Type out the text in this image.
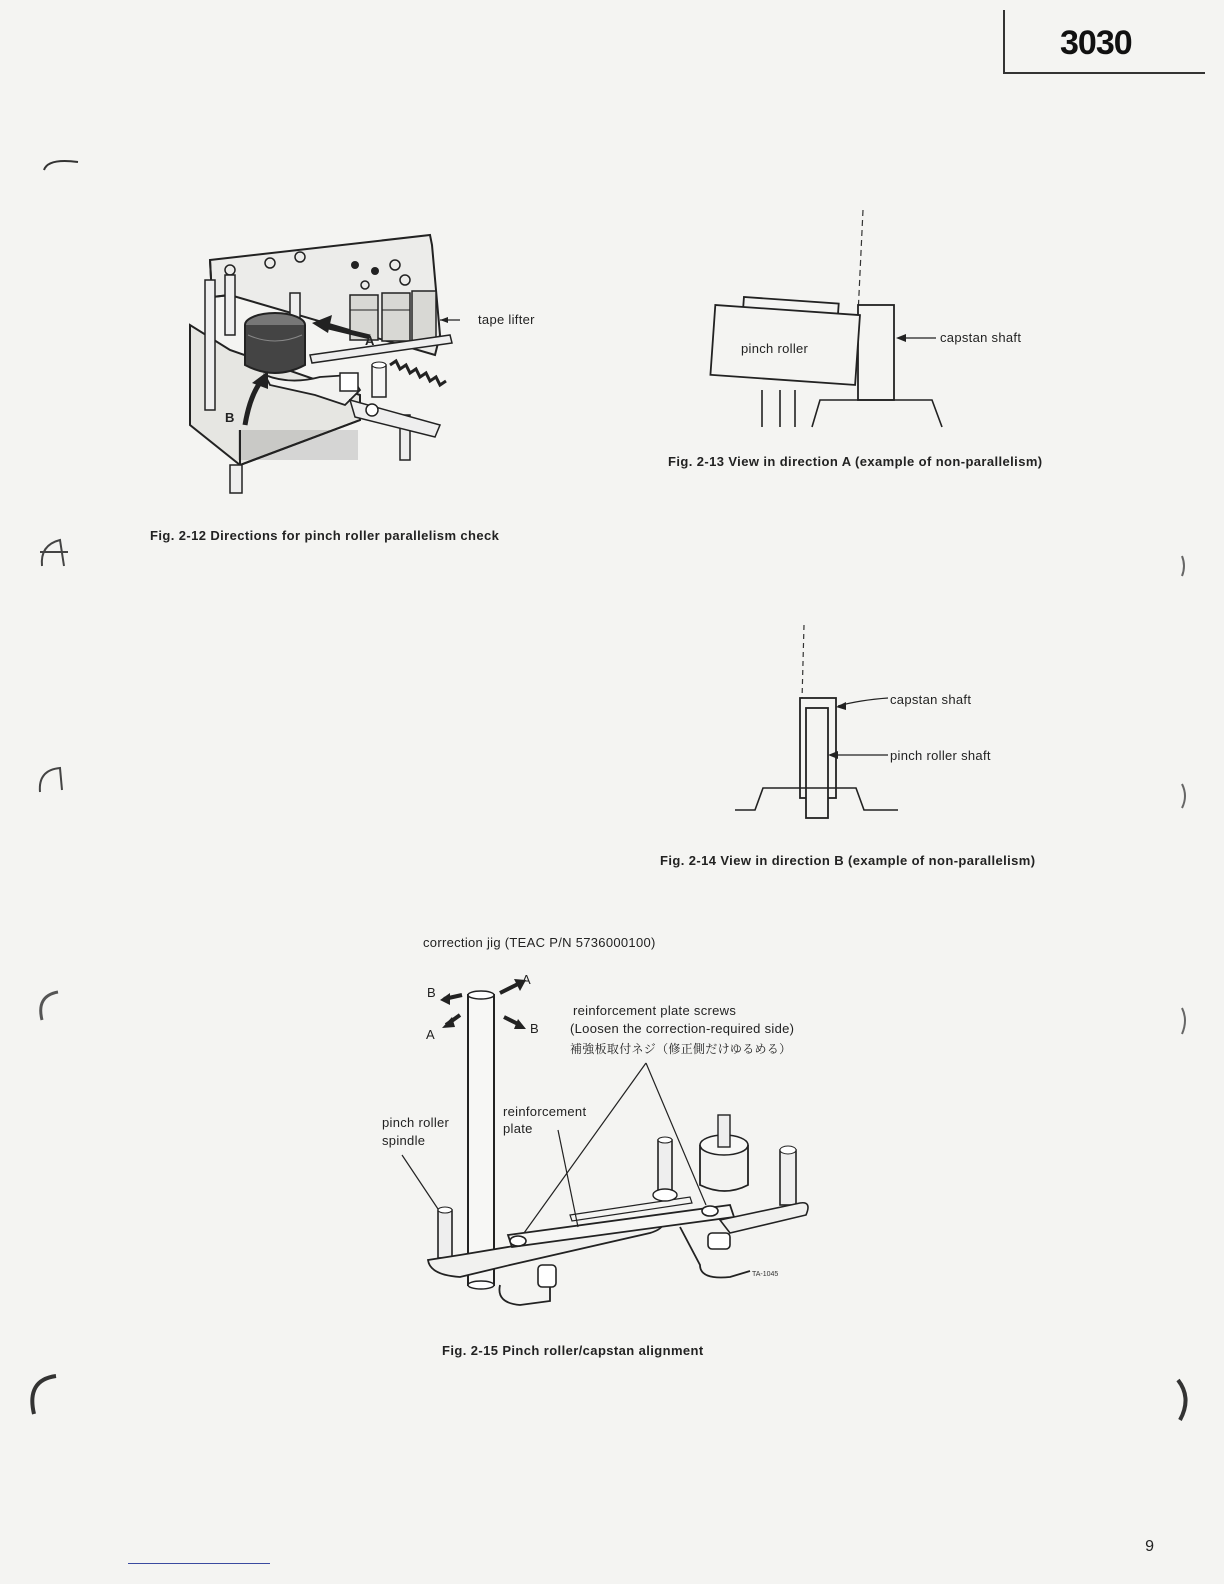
3030
tape lifter
A
B
Fig. 2-12 Directions for pinch roller parallelism check
pinch roller
capstan shaft
Fig. 2-13 View in direction A (example of non-parallelism)
capstan shaft
pinch roller shaft
Fig. 2-14 View in direction B (example of non-parallelism)
correction jig (TEAC P/N 5736000100)
B
A
A	B
reinforcement plate screws
(Loosen the correction-required side)
補強板取付ネジ（修正側だけゆるめる）
reinforcement
plate
pinch roller
spindle
TA-1045
Fig. 2-15 Pinch roller/capstan alignment
9
